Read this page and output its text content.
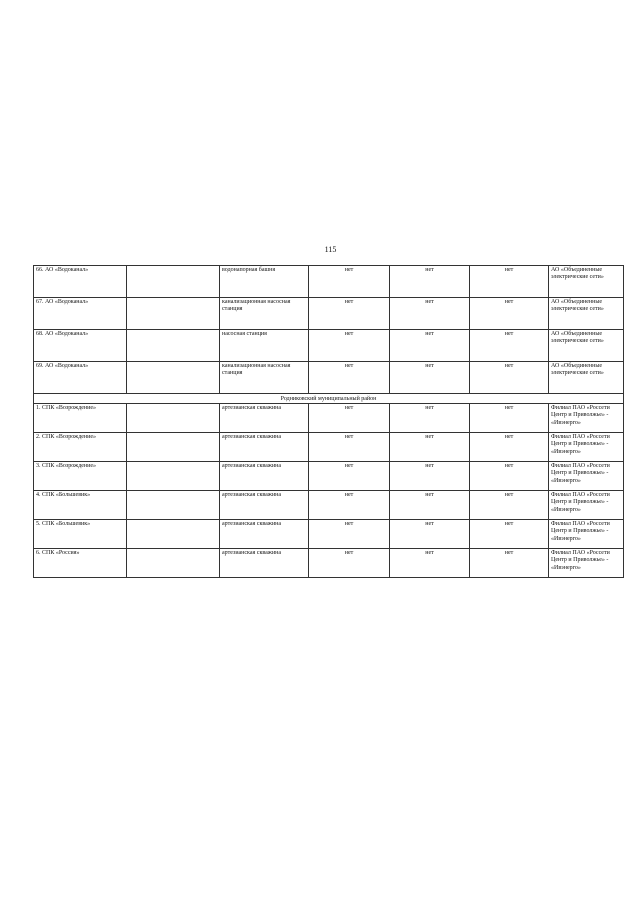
115
66. АО «Водоканал»		водонапорная башня	нет	нет	нет	АО «Объединенные электрические сети»
67. АО «Водоканал»		канализационная насосная станция	нет	нет	нет	АО «Объединенные электрические сети»
68. АО «Водоканал»		насосная станция	нет	нет	нет	АО «Объединенные электрические сети»
69. АО «Водоканал»		канализационная насосная станция	нет	нет	нет	АО «Объединенные электрические сети»
Родниковский муниципальный район						
1. СПК «Возрождение»		артезианская скважина	нет	нет	нет	Филиал ПАО «Россети Центр и Приволжье» - «Ивэнерго»
2. СПК «Возрождение»		артезианская скважина	нет	нет	нет	Филиал ПАО «Россети Центр и Приволжье» - «Ивэнерго»
3. СПК «Возрождение»		артезианская скважина	нет	нет	нет	Филиал ПАО «Россети Центр и Приволжье» - «Ивэнерго»
4. СПК «Большевик»		артезианская скважина	нет	нет	нет	Филиал ПАО «Россети Центр и Приволжье» - «Ивэнерго»
5. СПК «Большевик»		артезианская скважина	нет	нет	нет	Филиал ПАО «Россети Центр и Приволжье» - «Ивэнерго»
6. СПК «Россия»		артезианская скважина	нет	нет	нет	Филиал ПАО «Россети Центр и Приволжье» - «Ивэнерго»
